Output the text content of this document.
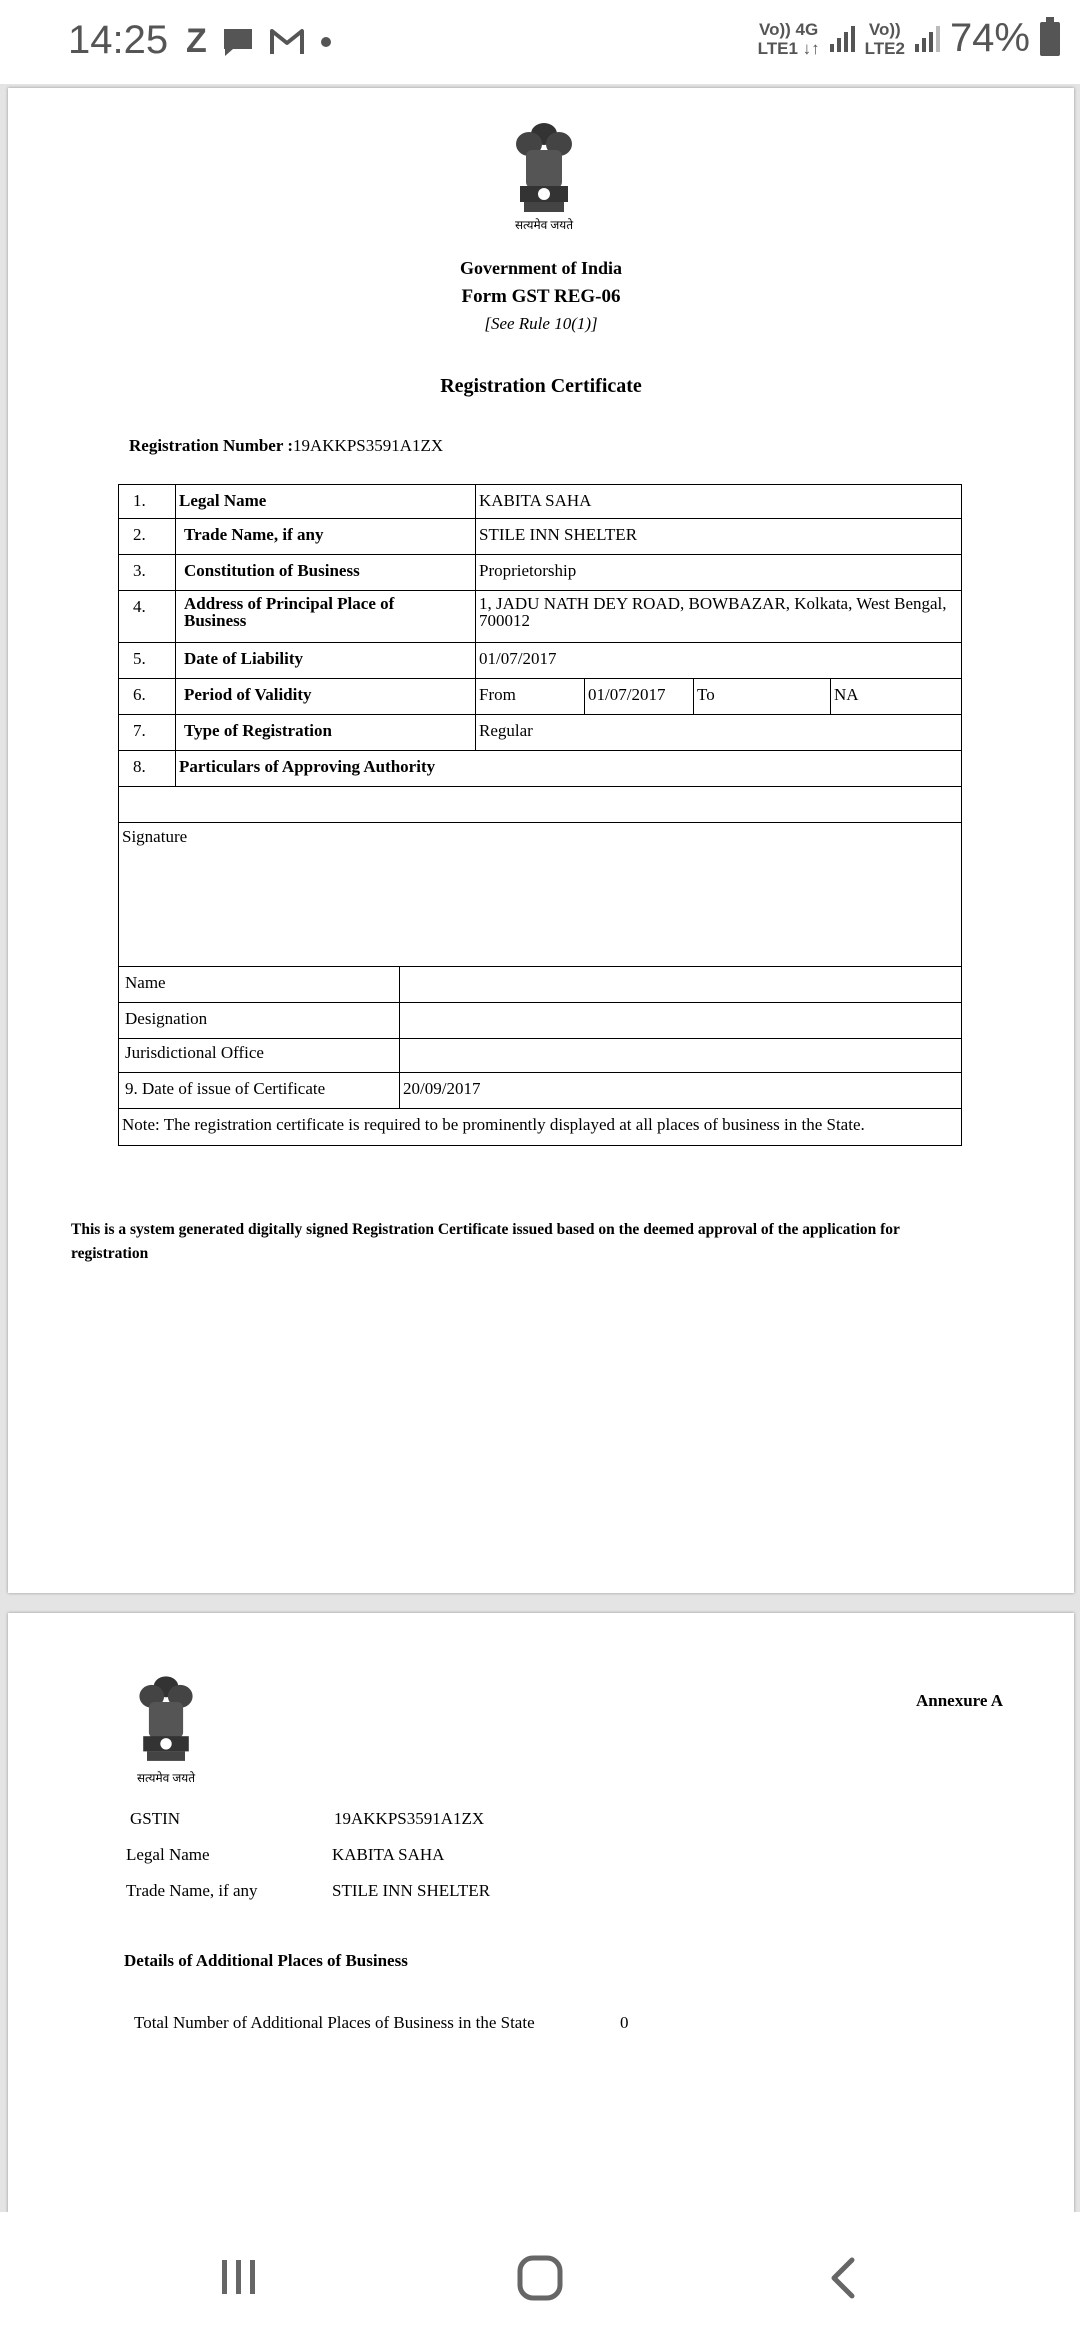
14:25 Z	Vo)) 4G
LTE1 ↓↑
Vo))
LTE2 74%
सत्यमेव जयते
Government of India
Form GST REG-06
[See Rule 10(1)]
Registration Certificate
Registration Number :19AKKPS3591A1ZX
1.	Legal Name	KABITA SAHA
2.	Trade Name, if any	STILE INN SHELTER
3.	Constitution of Business	Proprietorship
4.	Address of Principal Place of Business
1, JADU NATH DEY ROAD, BOWBAZAR, Kolkata, West Bengal, 700012
5.	Date of Liability	01/07/2017
6.	Period of Validity	From	01/07/2017	To	NA
7.	Type of Registration	Regular
8.	Particulars of Approving Authority
Signature
Name
Designation
Jurisdictional Office
9. Date of issue of Certificate	20/09/2017
Note: The registration certificate is required to be prominently displayed at all places of business in the State.
This is a system generated digitally signed Registration Certificate issued based on the deemed approval of the application for registration
सत्यमेव जयते
Annexure A
GSTIN	19AKKPS3591A1ZX
Legal Name	KABITA SAHA
Trade Name, if any	STILE INN SHELTER
Details of Additional Places of Business
Total Number of Additional Places of Business in the State	0
